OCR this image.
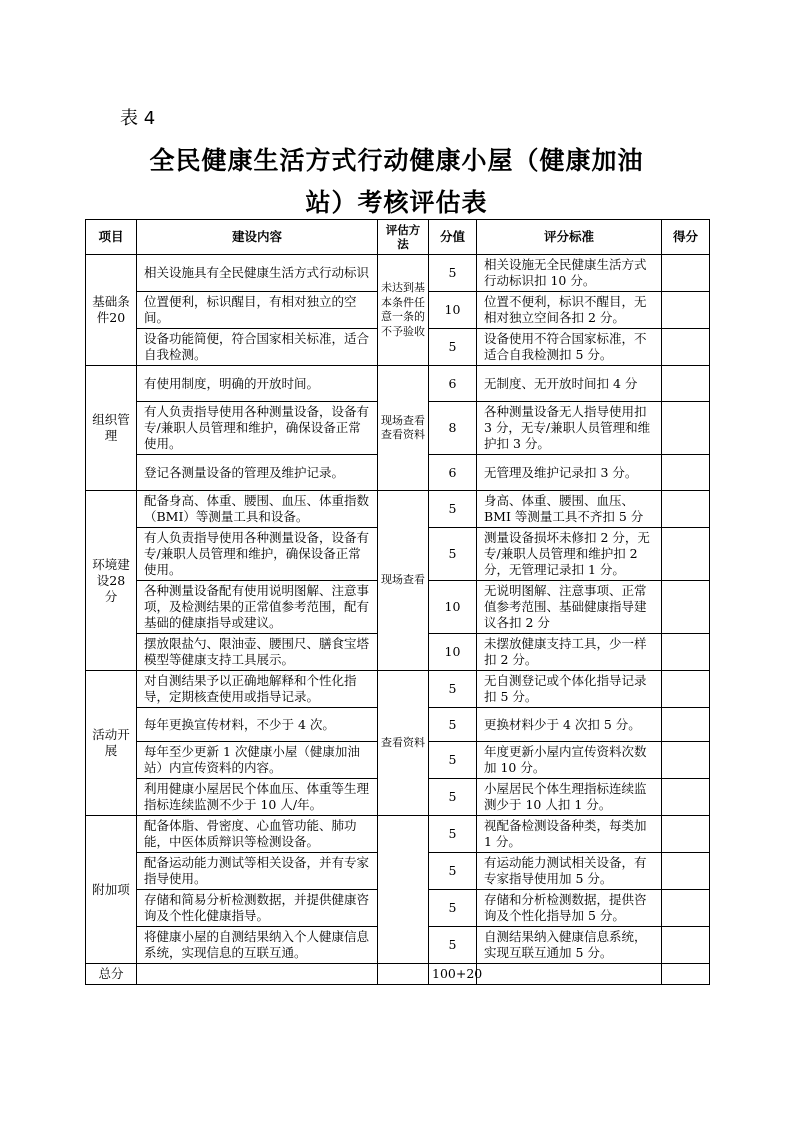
表 4
全民健康生活方式行动健康小屋（健康加油
站）考核评估表
项目	建设内容	评估方法	分值	评分标准	得分
基础条件20	相关设施具有全民健康生活方式行动标识	未达到基本条件任意一条的不予验收	5	相关设施无全民健康生活方式行动标识扣 10 分。	
	位置便利，标识醒目，有相对独立的空间。		10	位置不便利，标识不醒目，无相对独立空间各扣 2 分。	
	设备功能简便，符合国家相关标准，适合自我检测。		5	设备使用不符合国家标准，不适合自我检测扣 5 分。	
组织管理	有使用制度，明确的开放时间。	现场查看查看资料	6	无制度、无开放时间扣 4 分	
	有人负责指导使用各种测量设备，设备有专/兼职人员管理和维护，确保设备正常使用。		8	各种测量设备无人指导使用扣 3 分，无专/兼职人员管理和维护扣 3 分。	
	登记各测量设备的管理及维护记录。		6	无管理及维护记录扣 3 分。	
环境建设28 分	配备身高、体重、腰围、血压、体重指数（BMI）等测量工具和设备。	现场查看	5	身高、体重、腰围、血压、BMI 等测量工具不齐扣 5 分	
	有人负责指导使用各种测量设备，设备有专/兼职人员管理和维护，确保设备正常使用。		5	测量设备损坏未修扣 2 分，无专/兼职人员管理和维护扣 2 分，无管理记录扣 1 分。	
	各种测量设备配有使用说明图解、注意事项，及检测结果的正常值参考范围，配有基础的健康指导或建议。		10	无说明图解、注意事项、正常值参考范围、基础健康指导建议各扣 2 分	
	摆放限盐勺、限油壶、腰围尺、膳食宝塔模型等健康支持工具展示。		10	未摆放健康支持工具，少一样扣 2 分。	
活动开展	对自测结果予以正确地解释和个性化指导，定期核查使用或指导记录。	查看资料	5	无自测登记或个体化指导记录扣 5 分。	
	每年更换宣传材料，不少于 4 次。		5	更换材料少于 4 次扣 5 分。	
	每年至少更新 1 次健康小屋（健康加油站）内宣传资料的内容。		5	年度更新小屋内宣传资料次数加 10 分。	
	利用健康小屋居民个体血压、体重等生理指标连续监测不少于 10 人/年。		5	小屋居民个体生理指标连续监测少于 10 人扣 1 分。	
附加项	配备体脂、骨密度、心血管功能、肺功能，中医体质辩识等检测设备。		5	视配备检测设备种类，每类加 1 分。	
	配备运动能力测试等相关设备，并有专家指导使用。		5	有运动能力测试相关设备，有专家指导使用加 5 分。	
	存储和简易分析检测数据，并提供健康咨询及个性化健康指导。		5	存储和分析检测数据，提供咨询及个性化指导加 5 分。	
	将健康小屋的自测结果纳入个人健康信息系统，实现信息的互联互通。		5	自测结果纳入健康信息系统，实现互联互通加 5 分。	
总分			100+20		
